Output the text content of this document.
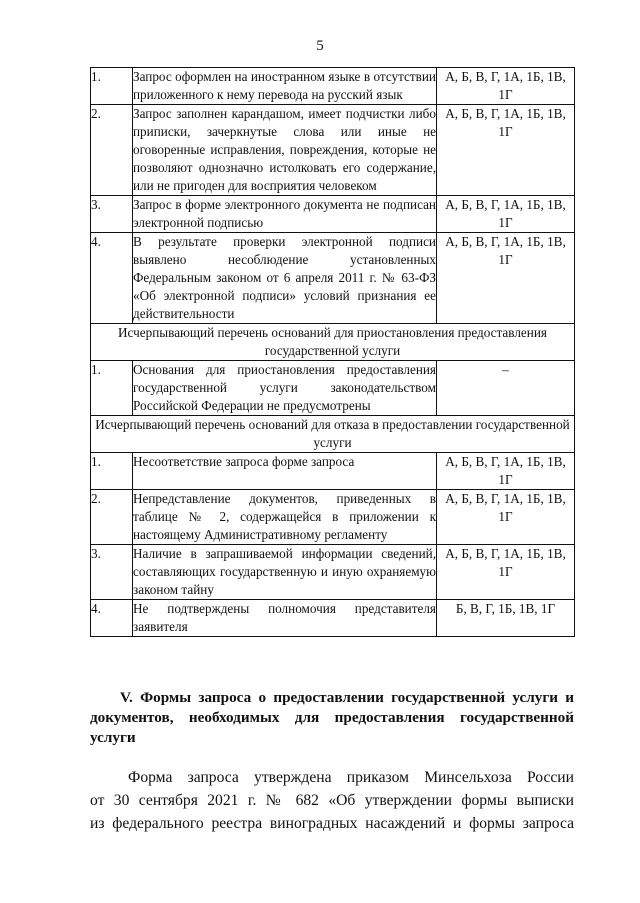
5
1.	Запрос оформлен на иностранном языке в отсутствии приложенного к нему перевода на русский язык	А, Б, В, Г, 1А, 1Б, 1В, 1Г
2.	Запрос заполнен карандашом, имеет подчистки либо приписки, зачеркнутые слова или иные не оговоренные исправления, повреждения, которые не позволяют однозначно истолковать его содержание, или не пригоден для восприятия человеком	А, Б, В, Г, 1А, 1Б, 1В, 1Г
3.	Запрос в форме электронного документа не подписан электронной подписью	А, Б, В, Г, 1А, 1Б, 1В, 1Г
4.	В результате проверки электронной подписи выявлено несоблюдение установленных Федеральным законом от 6 апреля 2011 г. № 63-ФЗ «Об электронной подписи» условий признания ее действительности	А, Б, В, Г, 1А, 1Б, 1В, 1Г
Исчерпывающий перечень оснований для приостановления предоставления государственной услуги		
1.	Основания для приостановления предоставления государственной услуги законодательством Российской Федерации не предусмотрены	–
Исчерпывающий перечень оснований для отказа в предоставлении государственной услуги		
1.	Несоответствие запроса форме запроса	А, Б, В, Г, 1А, 1Б, 1В, 1Г
2.	Непредставление документов, приведенных в таблице № 2, содержащейся в приложении к настоящему Административному регламенту	А, Б, В, Г, 1А, 1Б, 1В, 1Г
3.	Наличие в запрашиваемой информации сведений, составляющих государственную и иную охраняемую законом тайну	А, Б, В, Г, 1А, 1Б, 1В, 1Г
4.	Не подтверждены полномочия представителя заявителя	Б, В, Г, 1Б, 1В, 1Г
V. Формы запроса о предоставлении государственной услуги и документов, необходимых для предоставления государственной услуги
Форма запроса утверждена приказом Минсельхоза России
от 30 сентября 2021 г. № 682 «Об утверждении формы выписки
из федерального реестра виноградных насаждений и формы запроса
